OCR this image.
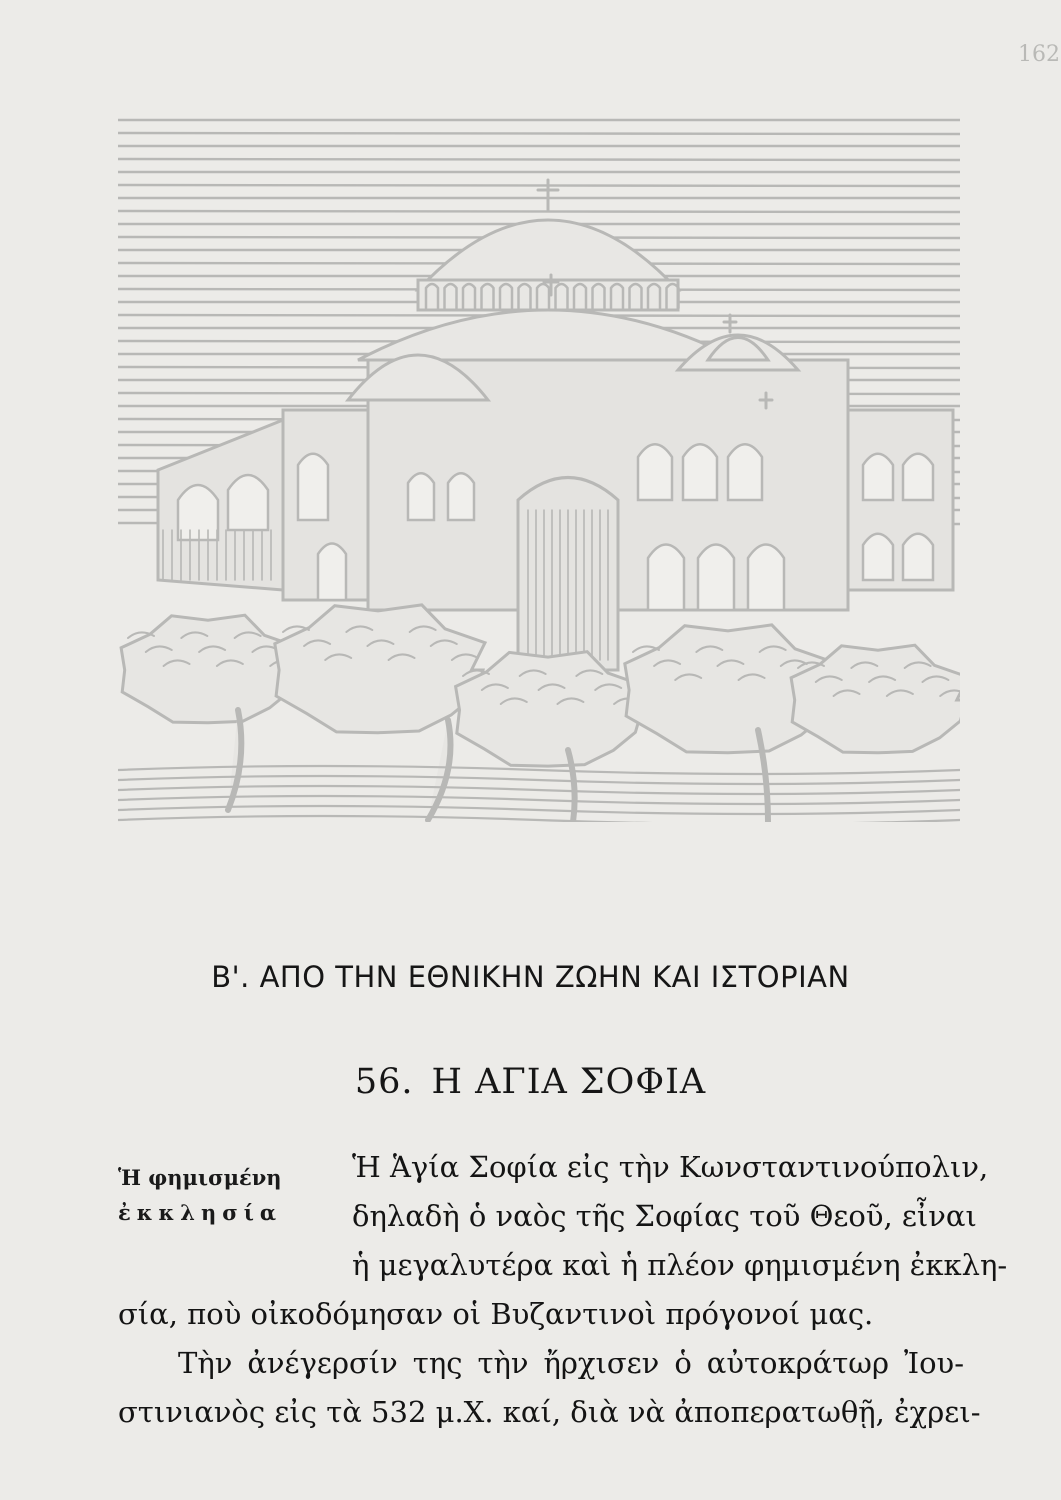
162
Β'. ΑΠΟ ΤΗΝ ΕΘΝΙΚΗΝ ΖΩΗΝ ΚΑΙ ΙΣΤΟΡΙΑΝ
56. Η ΑΓΙΑ ΣΟΦΙΑ
Ἡ φημισμένη
ἐκκλησία
Ἡ Ἁγία Σοφία εἰς τὴν Κωνσταντινούπολιν,
δηλαδὴ ὁ ναὸς τῆς Σοφίας τοῦ Θεοῦ, εἶναι
ἡ μεγαλυτέρα καὶ ἡ πλέον φημισμένη ἐκκλη-
σία, ποὺ οἰκοδόμησαν οἱ Βυζαντινοὶ πρόγονοί μας.
Τὴν ἀνέγερσίν της τὴν ἤρχισεν ὁ αὐτοκράτωρ Ἰου-
στινιανὸς εἰς τὰ 532 μ.Χ. καί, διὰ νὰ ἀποπερατωθῇ, ἐχρει-
